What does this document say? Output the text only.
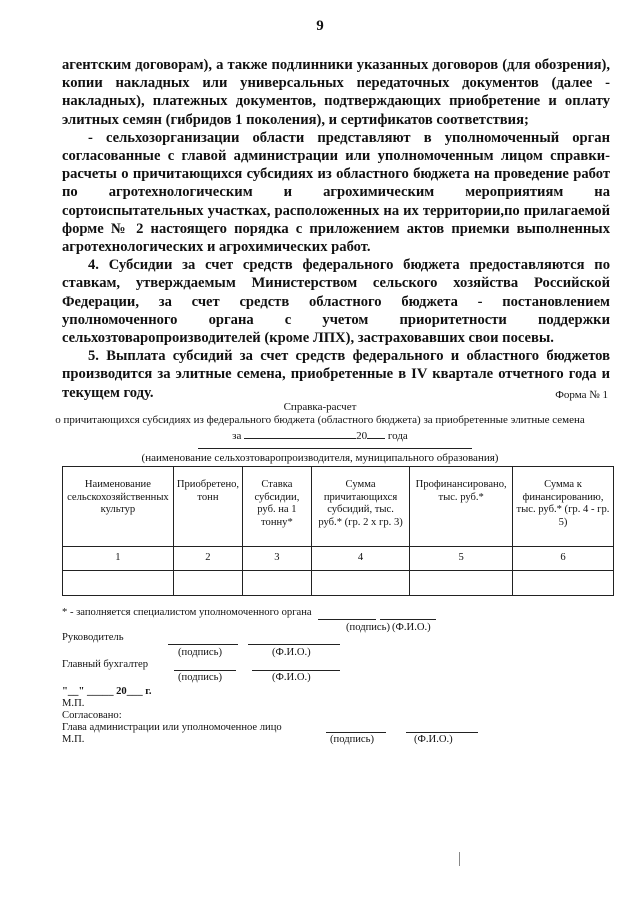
9

агентским договорам), а также подлинники указанных договоров (для обозрения), копии накладных или универсальных передаточных документов (далее - накладных), платежных документов, подтверждающих приобретение и оплату элитных семян (гибридов 1 поколения), и сертификатов соответствия;

- сельхозорганизации области представляют в уполномоченный орган согласованные с главой администрации или уполномоченным лицом справки-расчеты о причитающихся субсидиях из областного бюджета на проведение работ по агротехнологическим и агрохимическим мероприятиям на сортоиспытательных участках, расположенных на их территории,по прилагаемой форме № 2 настоящего порядка с приложением актов приемки выполненных агротехнологических и агрохимических работ.

4. Субсидии за счет средств федерального бюджета предоставляются по ставкам, утверждаемым Министерством сельского хозяйства Российской Федерации, за счет средств областного бюджета - постановлением уполномоченного органа с учетом приоритетности поддержки сельхозтоваропроизводителей (кроме ЛПХ), застраховавших свои посевы.

5. Выплата субсидий за счет средств федерального и областного бюджетов производится за элитные семена, приобретенные в IV квартале отчетного года и текущем году.	Форма № 1
Справка-расчет
о причитающихся субсидиях из федерального бюджета (областного бюджета) за приобретенные элитные семена
за	20 года
(наименование сельхозтоваропроизводителя, муниципального образования)
Наименование сельскохозяйственных культур	Приобретено, тонн	Ставка субсидии, руб. на 1 тонну*	Сумма причитающихся субсидий, тыс. руб.* (гр. 2 х гр. 3)	Профинансировано, тыс. руб.*	Сумма к финансированию, тыс. руб.* (гр. 4 - гр. 5)
1	2	3	4	5	6

* - заполняется специалистом уполномоченного органа
(подпись) (Ф.И.О.)
Руководитель
(подпись)	(Ф.И.О.)
Главный бухгалтер
(подпись)	(Ф.И.О.)
"__" _____ 20___ г.
М.П.
Согласовано:
Глава администрации или уполномоченное лицо
М.П.	(подпись)	(Ф.И.О.)
